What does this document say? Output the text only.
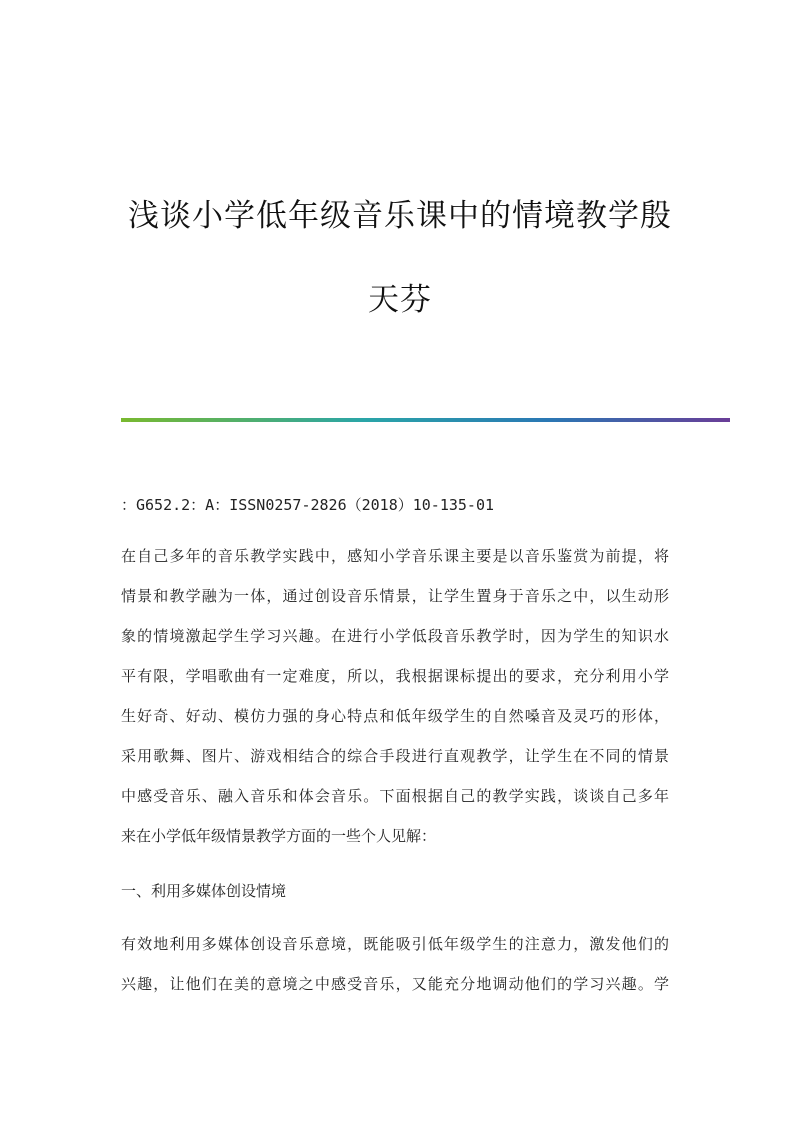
浅谈小学低年级音乐课中的情境教学殷
天芬
：G652.2：A：ISSN0257-2826（2018）10-135-01
在自己多年的音乐教学实践中，感知小学音乐课主要是以音乐鉴赏为前提，将
情景和教学融为一体，通过创设音乐情景，让学生置身于音乐之中，以生动形
象的情境激起学生学习兴趣。在进行小学低段音乐教学时，因为学生的知识水
平有限，学唱歌曲有一定难度，所以，我根据课标提出的要求，充分利用小学
生好奇、好动、模仿力强的身心特点和低年级学生的自然嗓音及灵巧的形体，
采用歌舞、图片、游戏相结合的综合手段进行直观教学，让学生在不同的情景
中感受音乐、融入音乐和体会音乐。下面根据自己的教学实践，谈谈自己多年
来在小学低年级情景教学方面的一些个人见解：
一、利用多媒体创设情境
有效地利用多媒体创设音乐意境，既能吸引低年级学生的注意力，激发他们的
兴趣，让他们在美的意境之中感受音乐，又能充分地调动他们的学习兴趣。学
